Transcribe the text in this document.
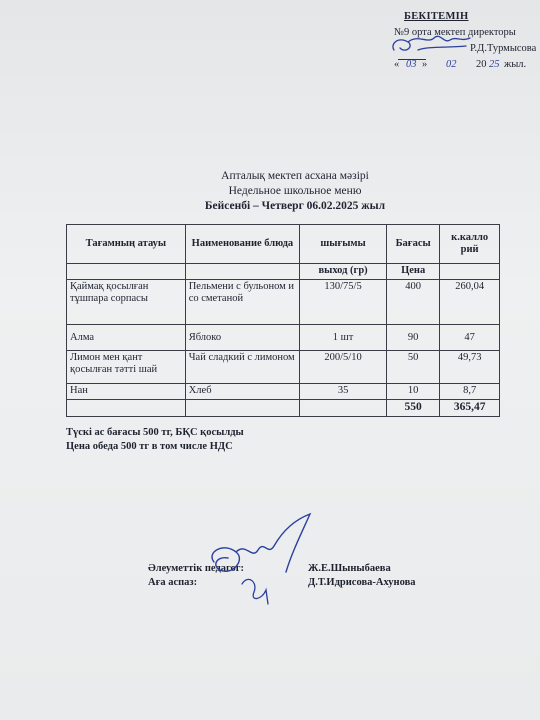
БЕКІТЕМІН
№9 орта мектеп директоры
Р.Д.Турмысова
« 03 » 02 20 25 жыл.
Апталық мектеп асхана мәзірі
Недельное школьное меню
Бейсенбі – Четверг 06.02.2025 жыл
Тағамның атауы	Наименование блюда	шығымы	Бағасы	к.калло рий
		выход (гр)	Цена	
Қаймақ қосылған тұшпара сорпасы	Пельмени с бульоном и со сметаной	130/75/5	400	260,04
Алма	Яблоко	1 шт	90	47
Лимон мен қант қосылған тәтті шай	Чай сладкий с лимоном	200/5/10	50	49,73
Нан	Хлеб	35	10	8,7
			550	365,47
Түскі ас бағасы 500 тг, БҚС қосылды
Цена обеда 500 тг в том числе НДС
Әлеуметтік педагог:
Аға аспаз:
Ж.Е.Шыныбаева
Д.Т.Идрисова-Ахунова
